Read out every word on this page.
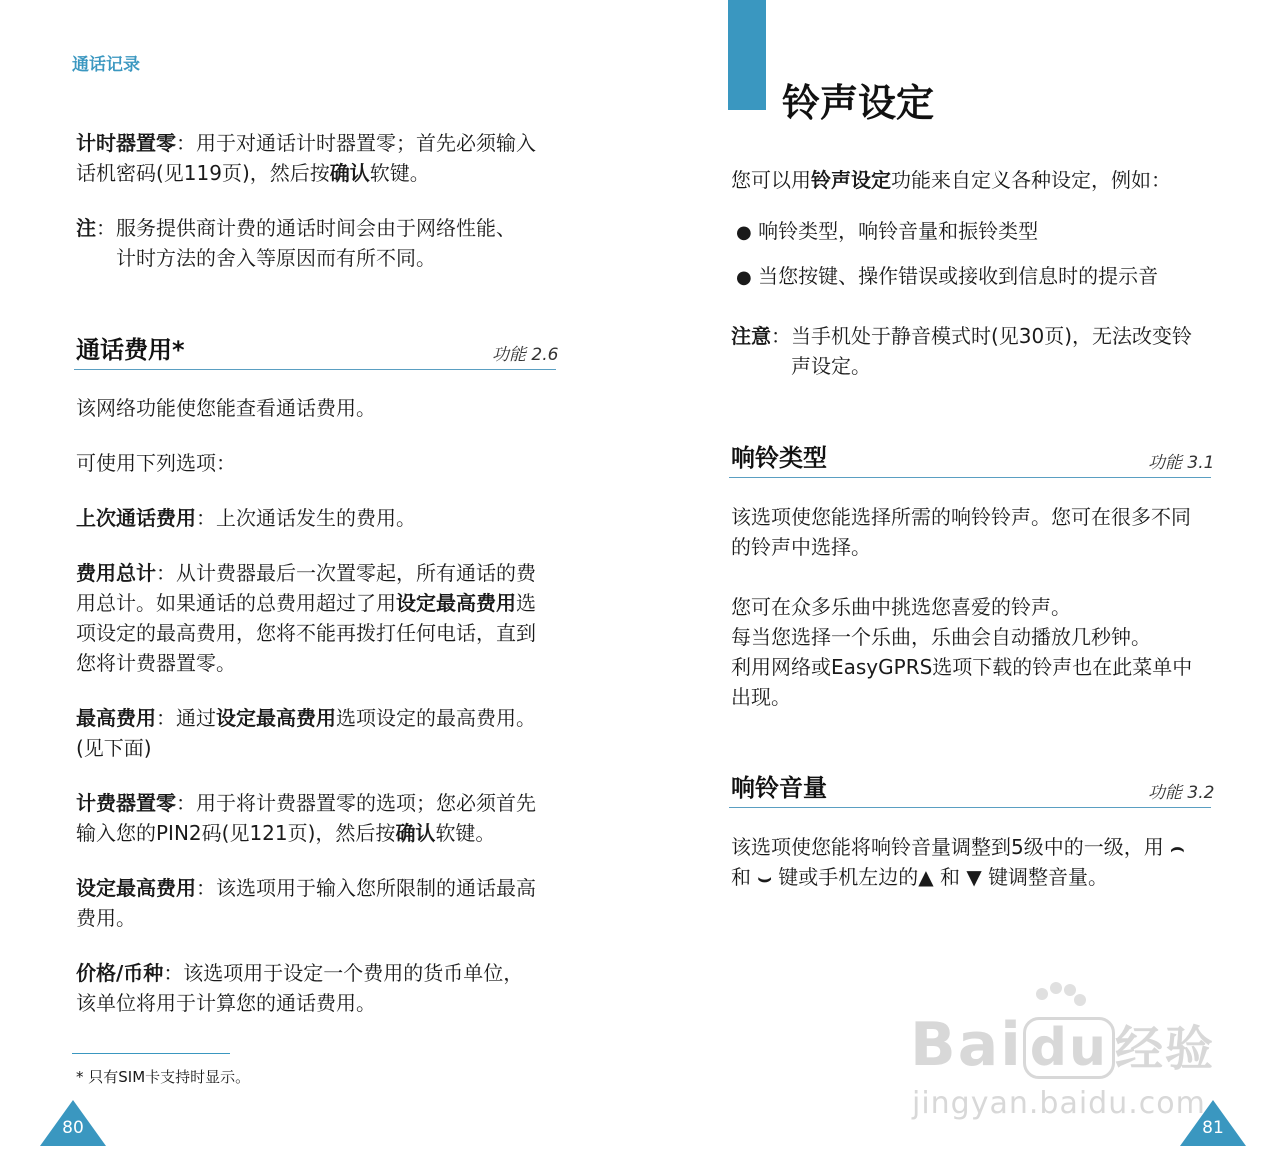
通话记录
计时器置零：用于对通话计时器置零；首先必须输入
话机密码(见119页)，然后按确认软键。
注：服务提供商计费的通话时间会由于网络性能、
计时方法的舍入等原因而有所不同。
通话费用*	功能 2.6
该网络功能使您能查看通话费用。
可使用下列选项：
上次通话费用：上次通话发生的费用。
费用总计：从计费器最后一次置零起，所有通话的费
用总计。如果通话的总费用超过了用设定最高费用选
项设定的最高费用，您将不能再拨打任何电话，直到
您将计费器置零。
最高费用：通过设定最高费用选项设定的最高费用。
(见下面)
计费器置零：用于将计费器置零的选项；您必须首先
输入您的PIN2码(见121页)，然后按确认软键。
设定最高费用：该选项用于输入您所限制的通话最高
费用。
价格/币种：该选项用于设定一个费用的货币单位，
该单位将用于计算您的通话费用。
* 只有SIM卡支持时显示。
80
铃声设定
您可以用铃声设定功能来自定义各种设定，例如：
● 响铃类型，响铃音量和振铃类型
● 当您按键、操作错误或接收到信息时的提示音
注意：当手机处于静音模式时(见30页)，无法改变铃
声设定。
响铃类型	功能 3.1
该选项使您能选择所需的响铃铃声。您可在很多不同
的铃声中选择。
您可在众多乐曲中挑选您喜爱的铃声。
每当您选择一个乐曲，乐曲会自动播放几秒钟。
利用网络或EasyGPRS选项下载的铃声也在此菜单中
出现。
响铃音量	功能 3.2
该选项使您能将响铃音量调整到5级中的一级，用 ⌢
和 ⌣ 键或手机左边的▲ 和 ▼ 键调整音量。
Bai du 经验
jingyan.baidu.com
81
